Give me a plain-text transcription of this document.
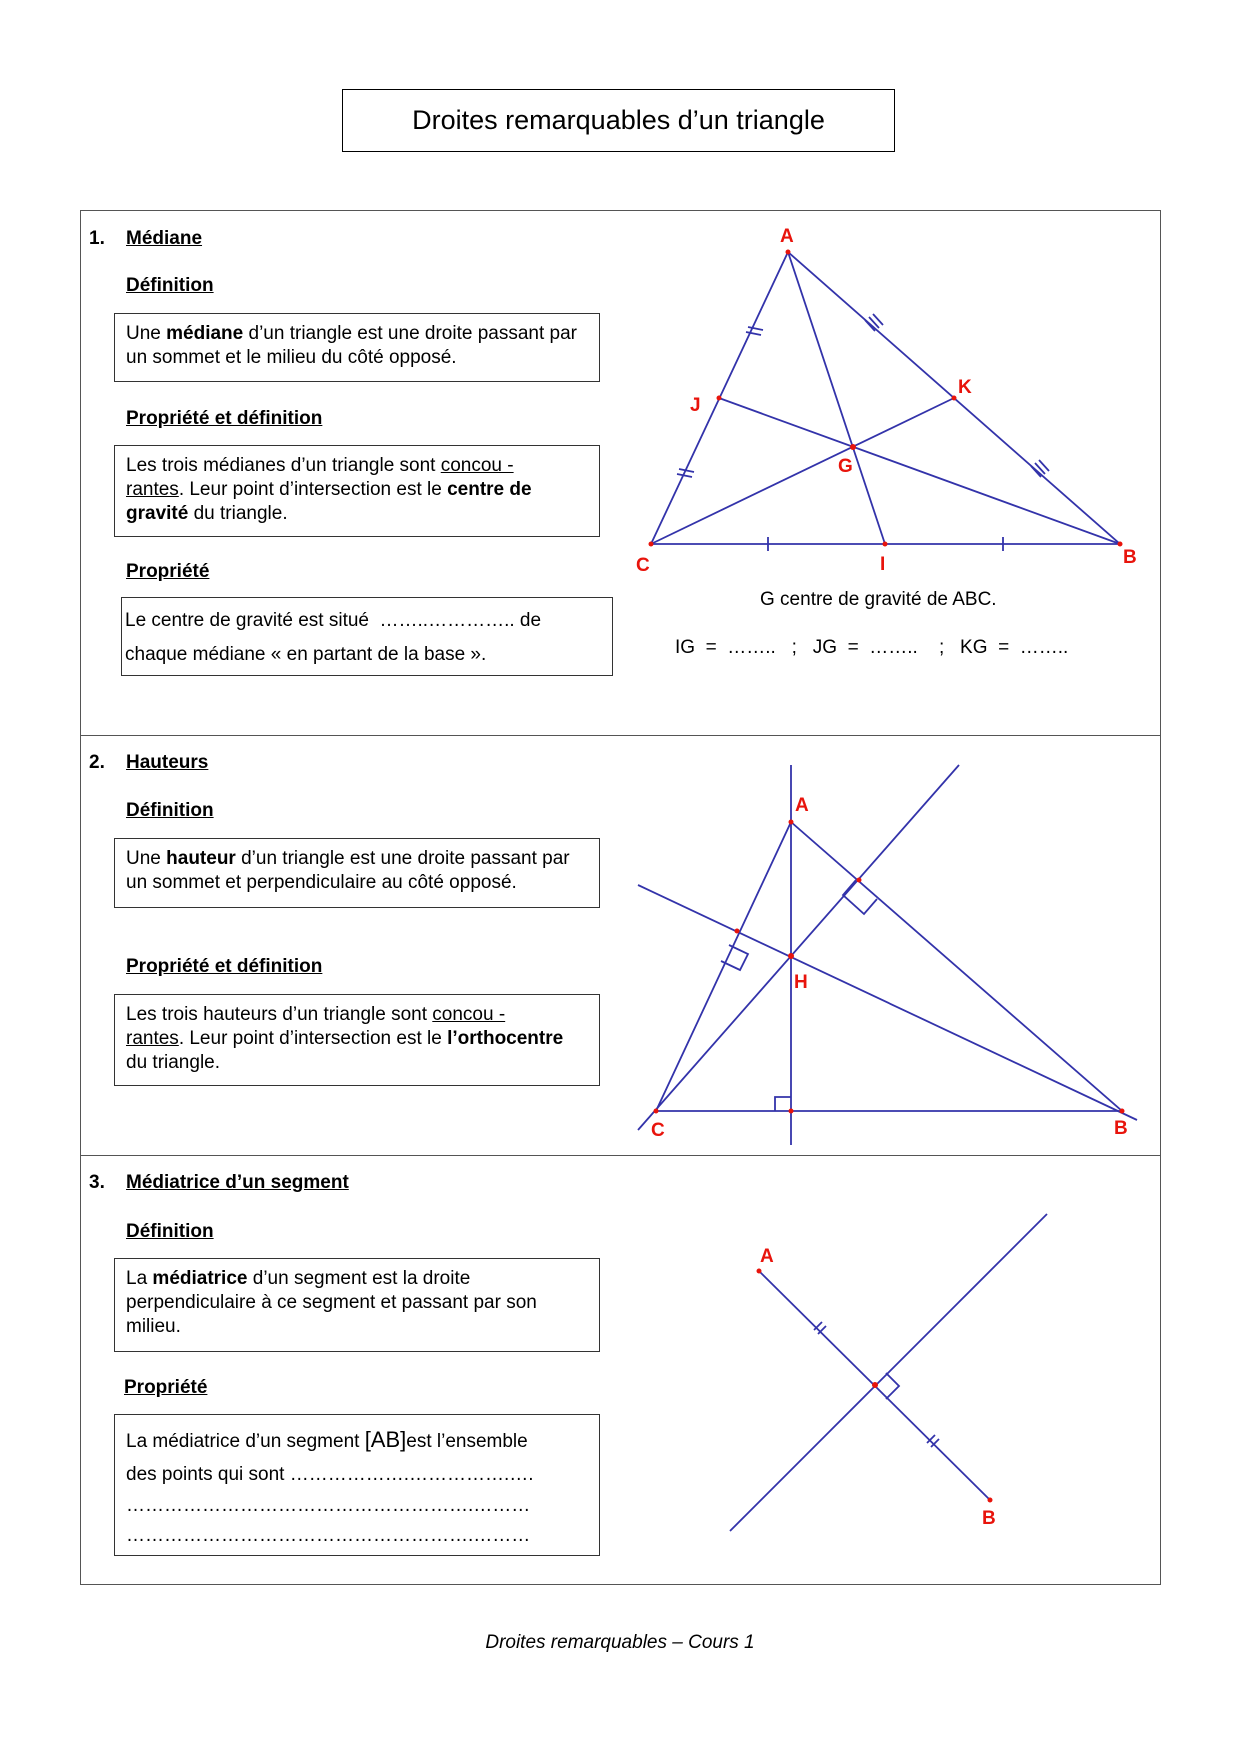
Droites remarquables d’un triangle
1. Médiane
Définition
Une médiane d’un triangle est une droite passant par un sommet et le milieu du côté opposé.
Propriété et définition
Les trois médianes d’un triangle sont concou -
rantes. Leur point d’intersection est le centre de gravité du triangle.
Propriété
Le centre de gravité est situé  ……..………….. de
chaque médiane « en partant de la base ».
A
B
C
G
I
J
K
G centre de gravité de ABC.
IG  =  ……..   ;   JG  =  ……..    ;   KG  =  ……..
2. Hauteurs
Définition
Une hauteur d’un triangle est une droite passant par un sommet et perpendiculaire au côté opposé.
Propriété et définition
Les trois hauteurs d’un triangle sont concou -
rantes. Leur point d’intersection est le l’orthocentre du triangle.
A
B
C
H
3. Médiatrice d’un segment
Définition
La médiatrice d’un segment est la droite perpendiculaire à ce segment et passant par son milieu.
Propriété
La médiatrice d’un segment [AB]est l’ensemble
des points qui sont ……………….…………….….
……………………………………………….………
……………………………………………….………
A
B
Droites remarquables – Cours 1
